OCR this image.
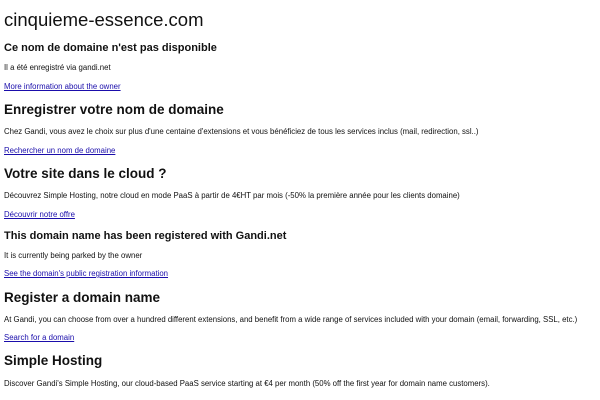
cinquieme-essence.com
Ce nom de domaine n'est pas disponible

Il a été enregistré via gandi.net

More information about the owner
Enregistrer votre nom de domaine

Chez Gandi, vous avez le choix sur plus d'une centaine d'extensions et vous bénéficiez de tous les services inclus (mail, redirection, ssl..)

Rechercher un nom de domaine
Votre site dans le cloud ?

Découvrez Simple Hosting, notre cloud en mode PaaS à partir de 4€HT par mois (-50% la première année pour les clients domaine)

Découvrir notre offre
This domain name has been registered with Gandi.net

It is currently being parked by the owner

See the domain's public registration information
Register a domain name

At Gandi, you can choose from over a hundred different extensions, and benefit from a wide range of services included with your domain (email, forwarding, SSL, etc.)

Search for a domain
Simple Hosting

Discover Gandi's Simple Hosting, our cloud-based PaaS service starting at €4 per month (50% off the first year for domain name customers).
